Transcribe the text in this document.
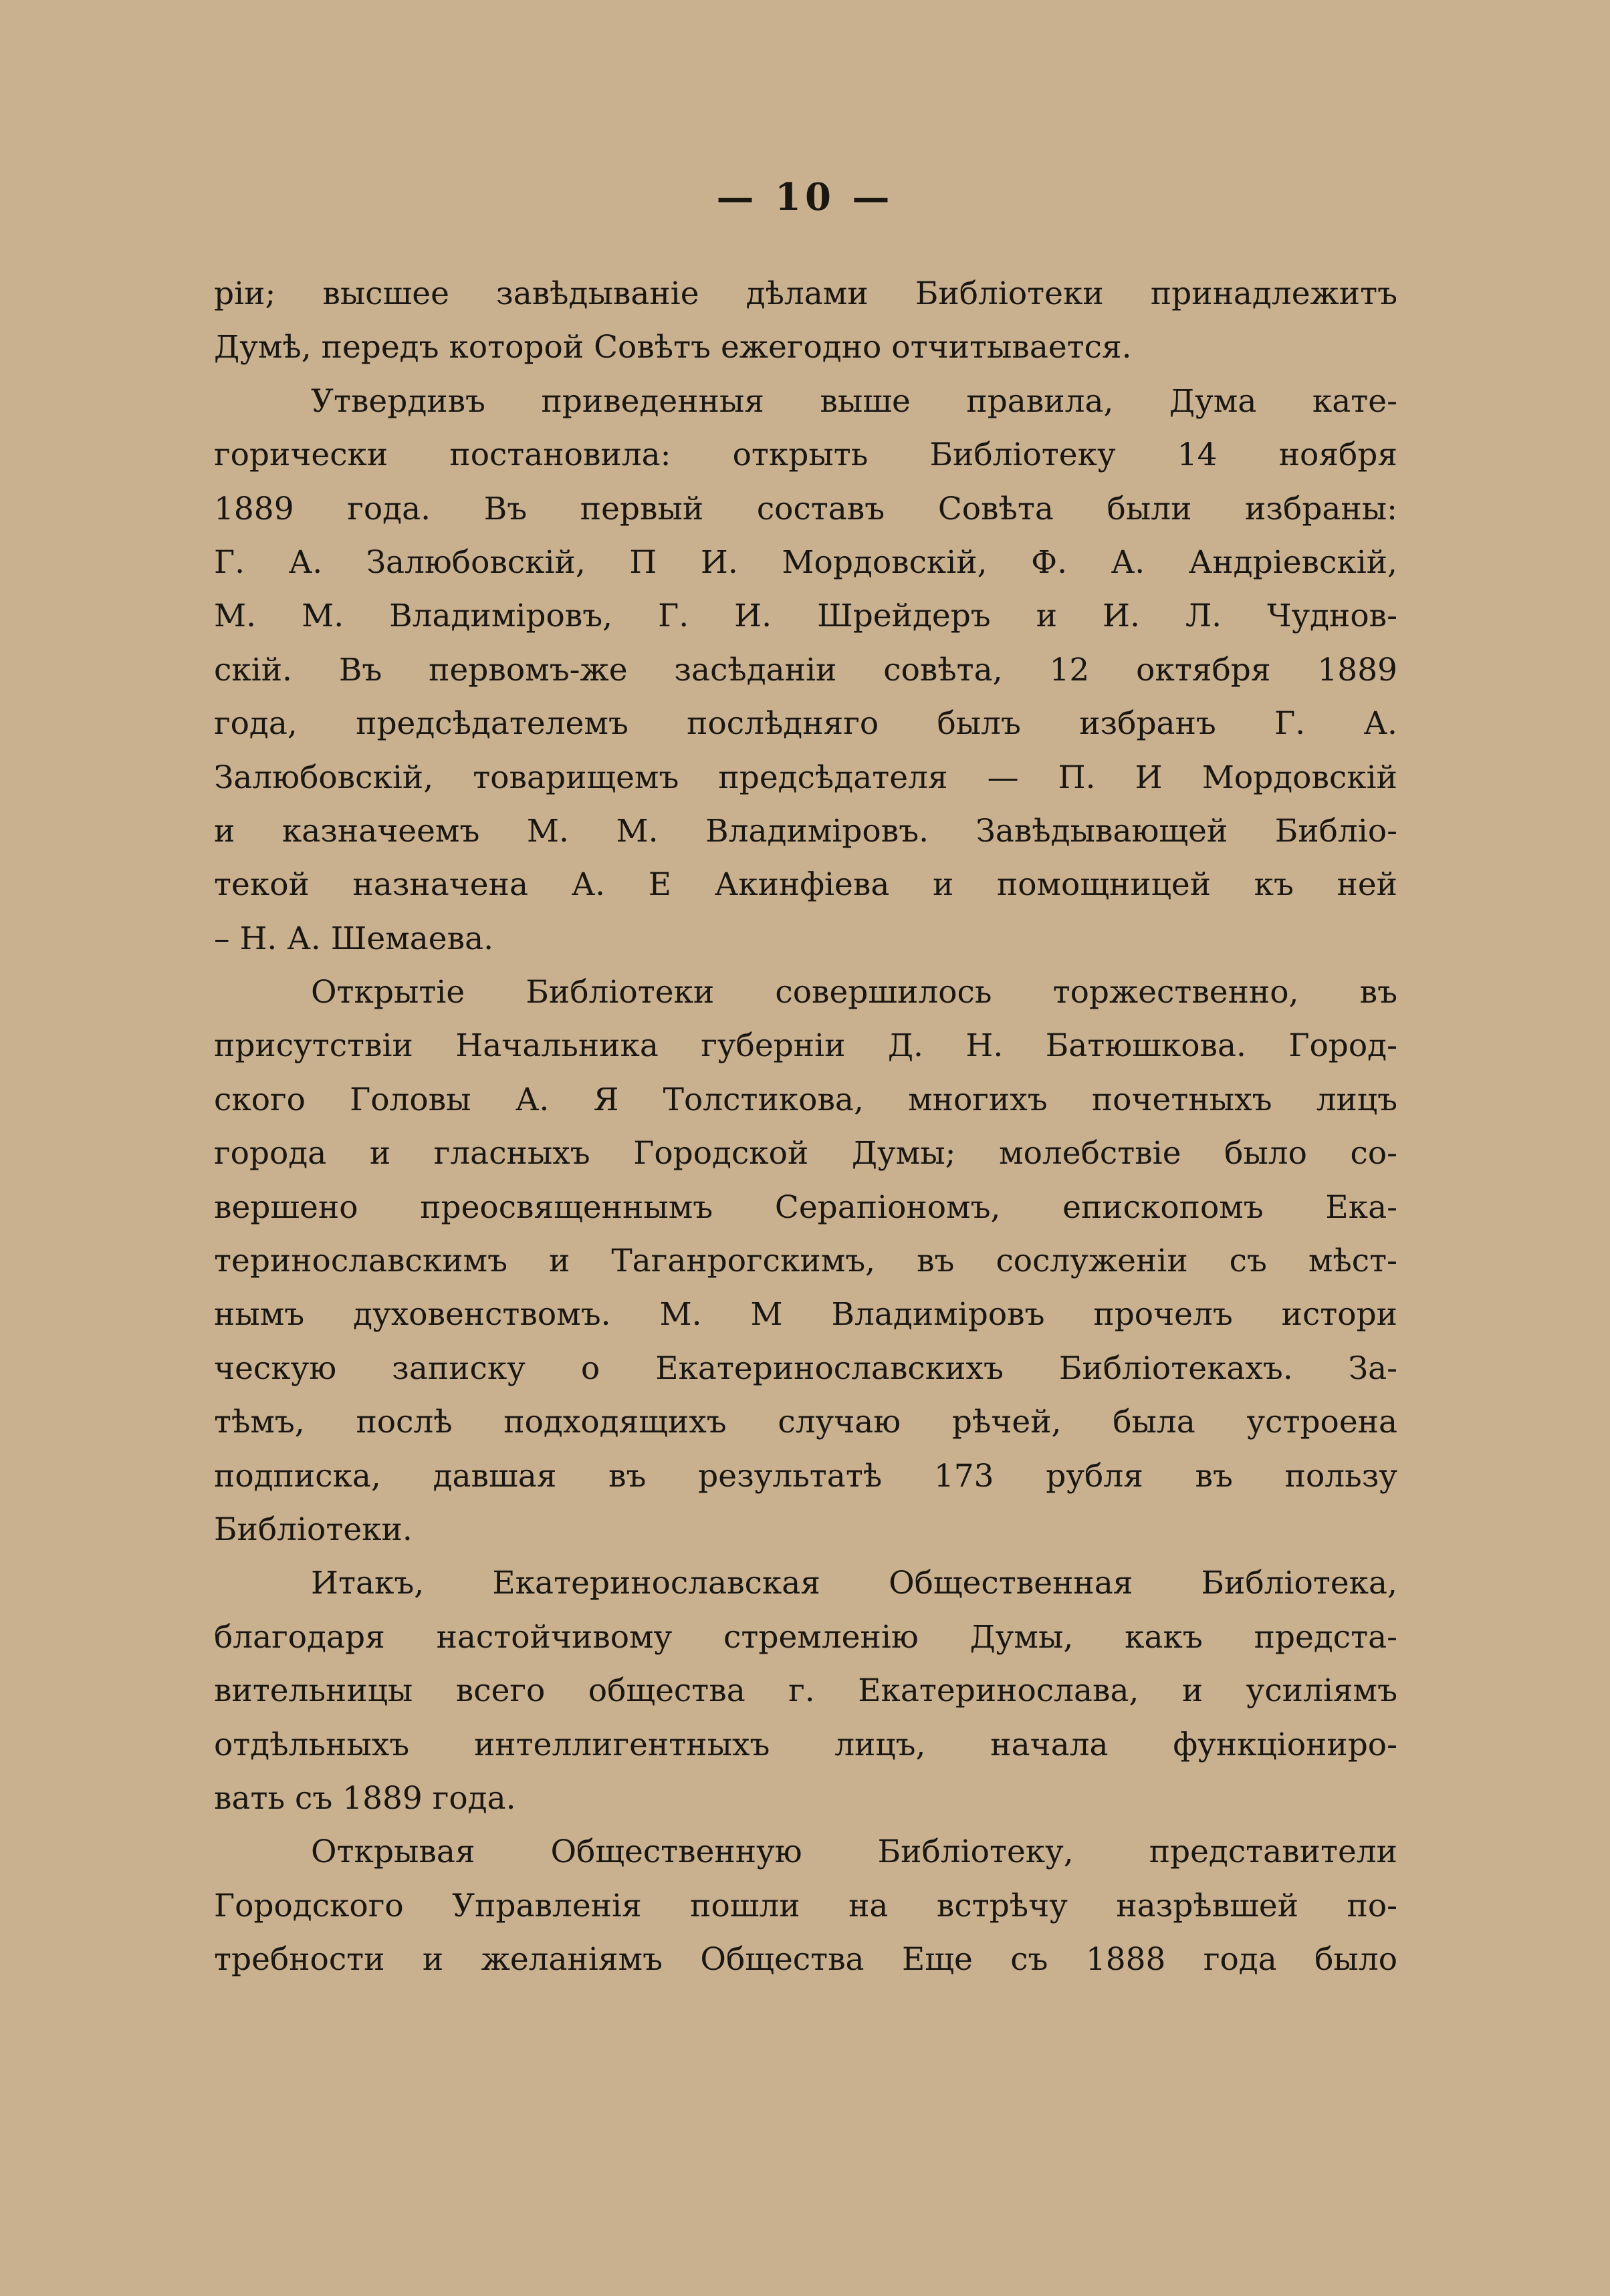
— 10 —
ріи; высшее завѣдываніе дѣлами Библіотеки принадлежитъ
Думѣ, передъ которой Совѣтъ ежегодно отчитывается.
Утвердивъ приведенныя выше правила, Дума кате-
горически постановила: открыть Библіотеку 14 ноября
1889 года. Въ первый составъ Совѣта были избраны:
Г. А. Залюбовскій, П И. Мордовскій, Ф. А. Андріевскій,
М. М. Владиміровъ, Г. И. Шрейдеръ и И. Л. Чуднов-
скій. Въ первомъ-же засѣданіи совѣта, 12 октября 1889
года, предсѣдателемъ послѣдняго былъ избранъ Г. А.
Залюбовскій, товарищемъ предсѣдателя — П. И Мордовскій
и казначеемъ М. М. Владиміровъ. Завѣдывающей Библіо-
текой назначена А. Е Акинфіева и помощницей къ ней
– Н. А. Шемаева.
Открытіе Библіотеки совершилось торжественно, въ
присутствіи Начальника губерніи Д. Н. Батюшкова. Город-
ского Головы А. Я Толстикова, многихъ почетныхъ лицъ
города и гласныхъ Городской Думы; молебствіе было со-
вершено преосвященнымъ Серапіономъ, епископомъ Ека-
теринославскимъ и Таганрогскимъ, въ сослуженіи съ мѣст-
нымъ духовенствомъ. М. М Владиміровъ прочелъ истори
ческую записку о Екатеринославскихъ Библіотекахъ. За-
тѣмъ, послѣ подходящихъ случаю рѣчей, была устроена
подписка, давшая въ результатѣ 173 рубля въ пользу
Библіотеки.
Итакъ, Екатеринославская Общественная Библіотека,
благодаря настойчивому стремленію Думы, какъ предста-
вительницы всего общества г. Екатеринослава, и усиліямъ
отдѣльныхъ интеллигентныхъ лицъ, начала функціониро-
вать съ 1889 года.
Открывая Общественную Библіотеку, представители
Городского Управленія пошли на встрѣчу назрѣвшей по-
требности и желаніямъ Общества Еще съ 1888 года было
